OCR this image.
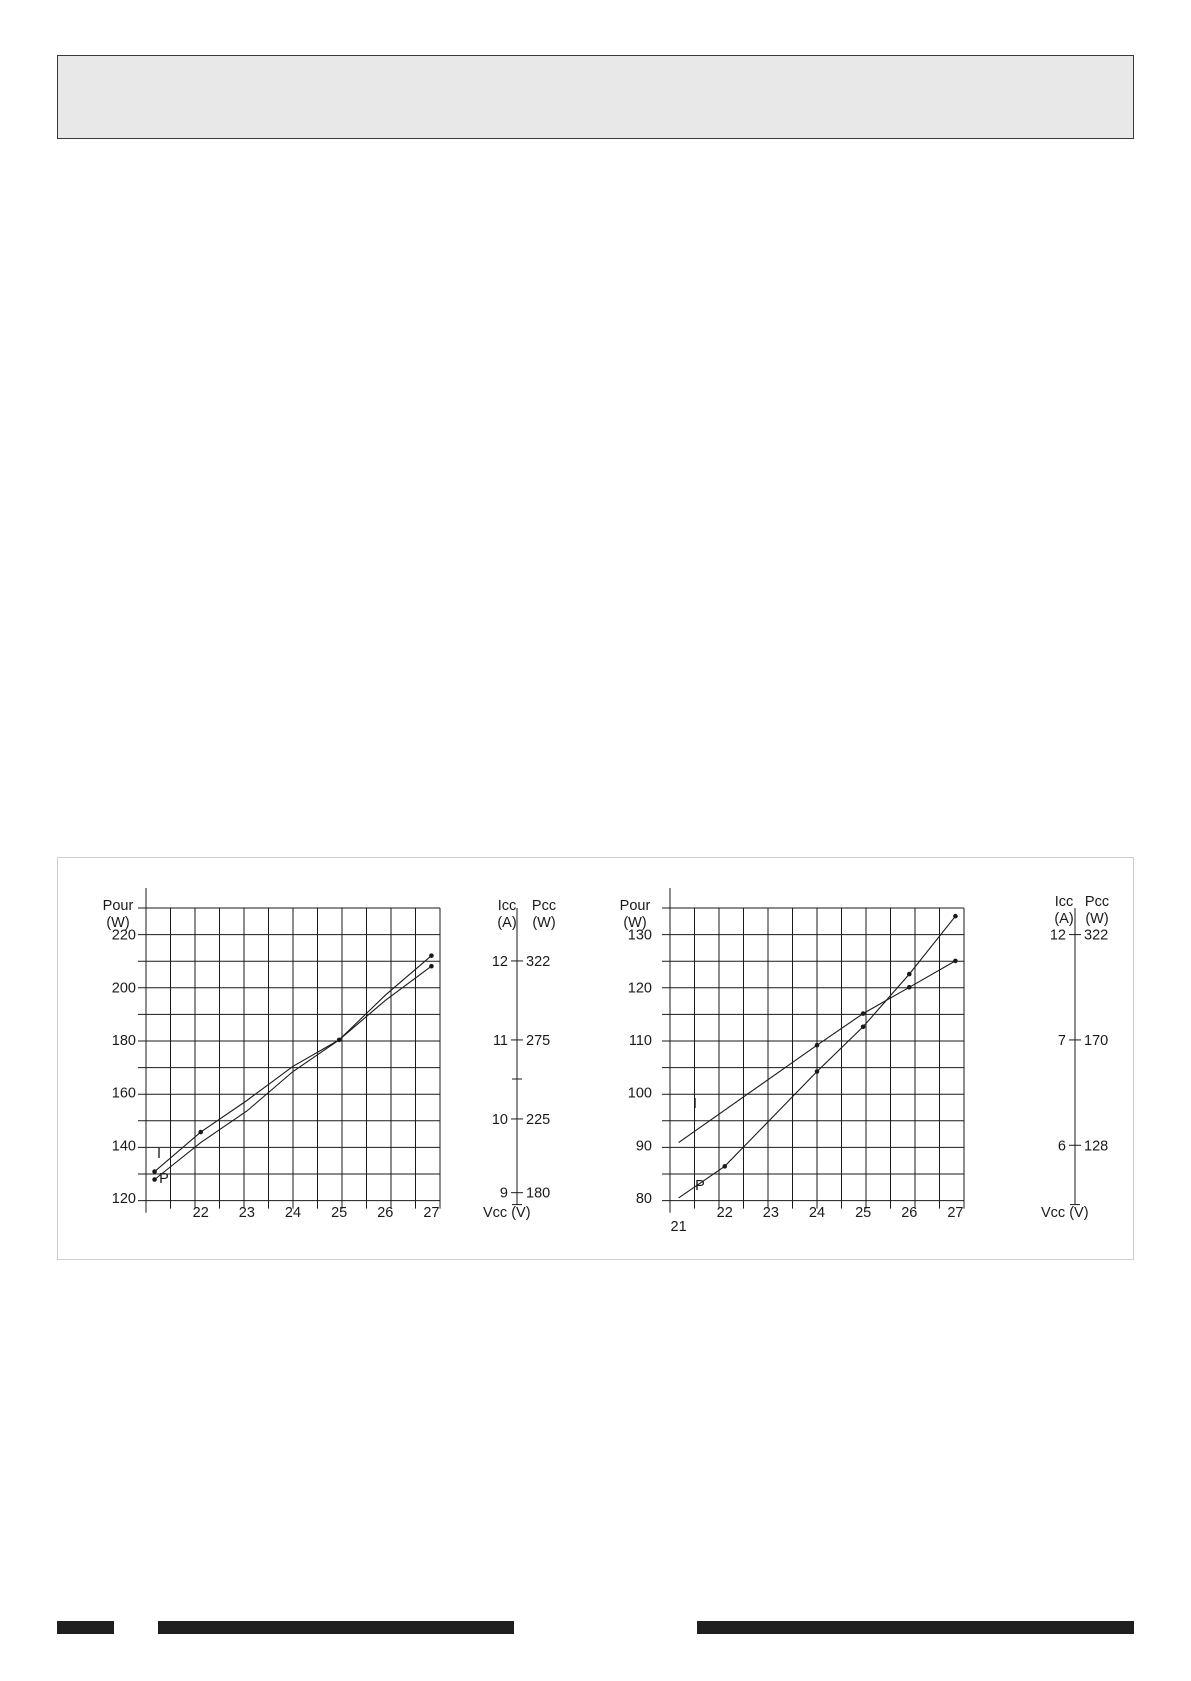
220
200
180
160
140
120
Pour
(W)
22 23 24 25 26 27	Vcc (V)
Icc
(A)
Pcc
(W)
12 322
11 275
10 225
9 180
I
P
130
120
110
100
90
80
Pour
(W)
22 23 24 25 26 27
21
Vcc (V)
Icc
(A)
Pcc
(W)
12 322
7 170
6 128
I
P
